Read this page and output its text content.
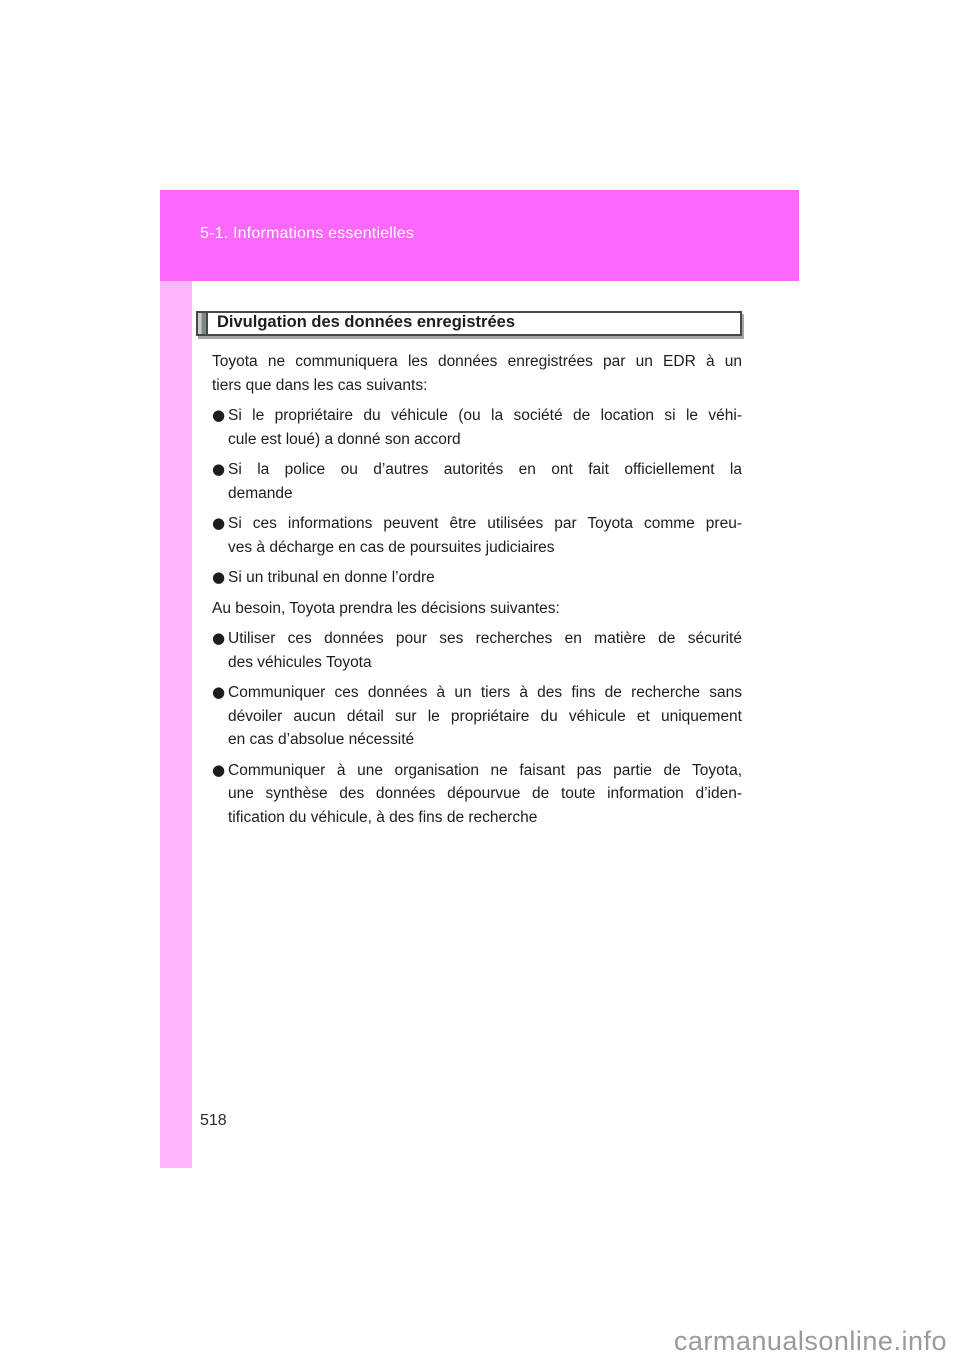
5-1. Informations essentielles
Divulgation des données enregistrées
Toyota ne communiquera les données enregistrées par un EDR à un
tiers que dans les cas suivants:
● Si le propriétaire du véhicule (ou la société de location si le véhi-
cule est loué) a donné son accord
● Si la police ou d’autres autorités en ont fait officiellement la
demande
● Si ces informations peuvent être utilisées par Toyota comme preu-
ves à décharge en cas de poursuites judiciaires
● Si un tribunal en donne l’ordre
Au besoin, Toyota prendra les décisions suivantes:
● Utiliser ces données pour ses recherches en matière de sécurité
des véhicules Toyota
● Communiquer ces données à un tiers à des fins de recherche sans
dévoiler aucun détail sur le propriétaire du véhicule et uniquement
en cas d’absolue nécessité
● Communiquer à une organisation ne faisant pas partie de Toyota,
une synthèse des données dépourvue de toute information d’iden-
tification du véhicule, à des fins de recherche
518
carmanualsonline.info
